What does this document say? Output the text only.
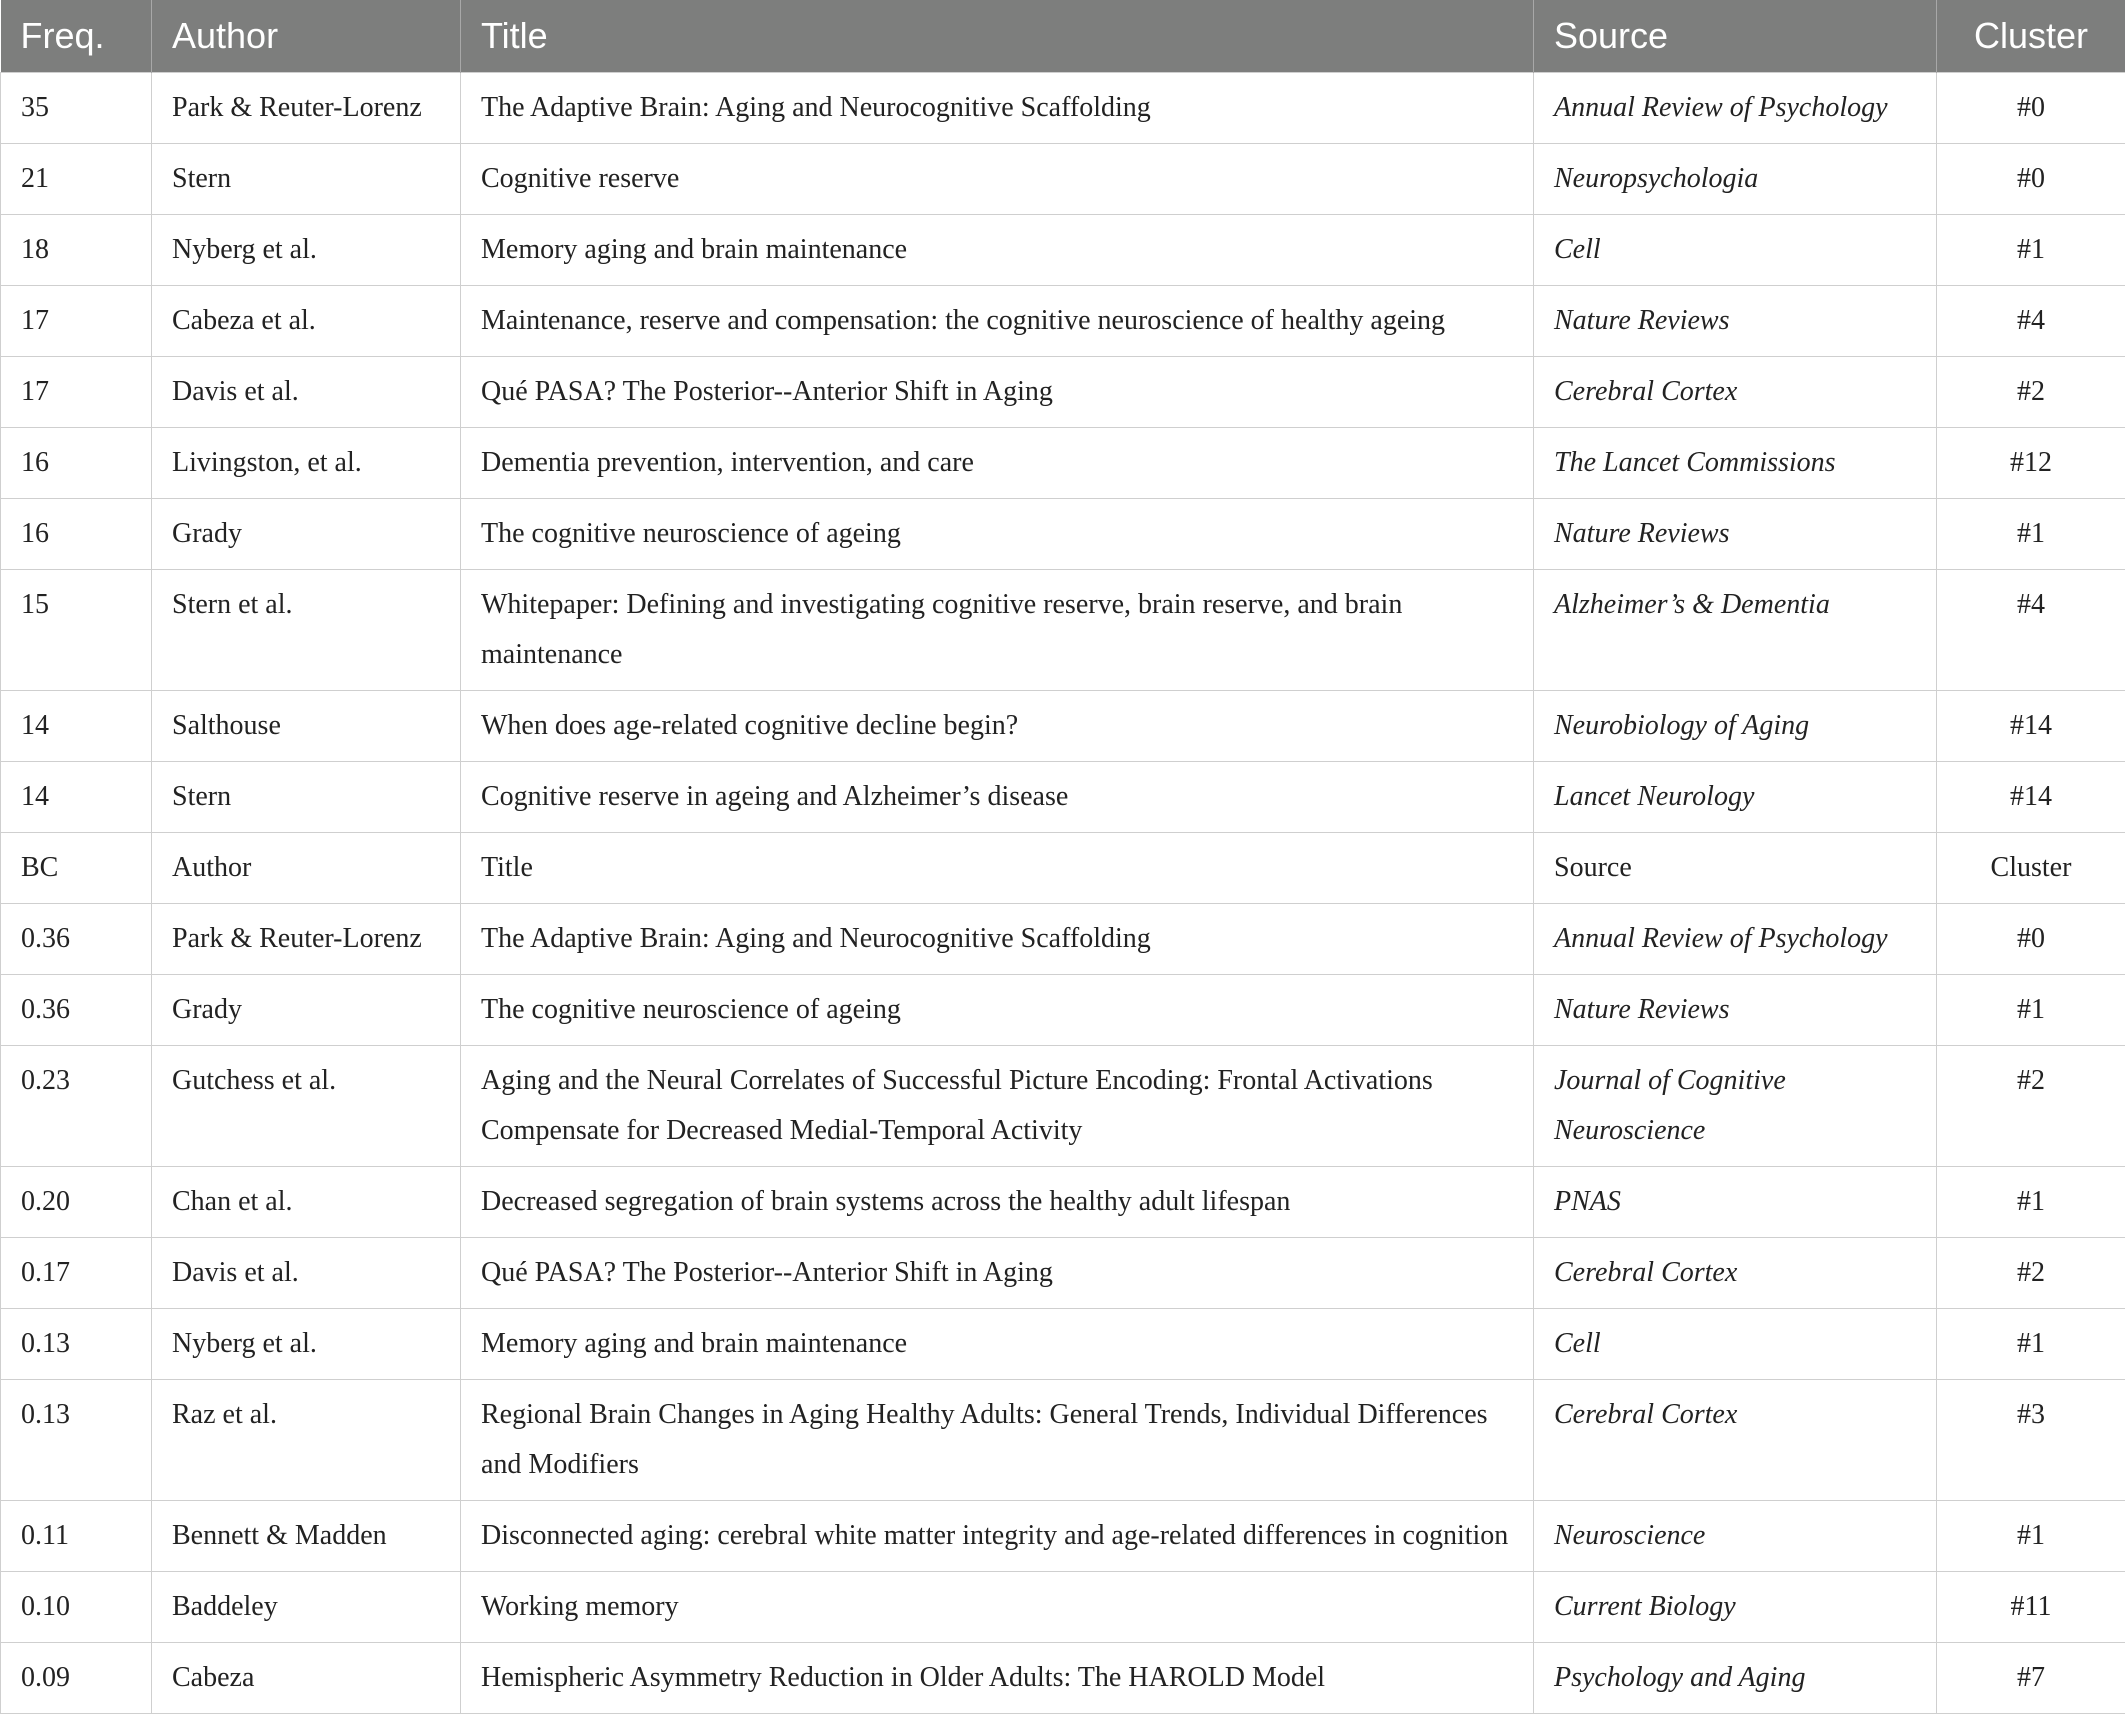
Freq.	Author	Title	Source	Cluster
35	Park & Reuter-Lorenz	The Adaptive Brain: Aging and Neurocognitive Scaffolding	Annual Review of Psychology	#0
21	Stern	Cognitive reserve	Neuropsychologia	#0
18	Nyberg et al.	Memory aging and brain maintenance	Cell	#1
17	Cabeza et al.	Maintenance, reserve and compensation: the cognitive neuroscience of healthy ageing	Nature Reviews	#4
17	Davis et al.	Qué PASA? The Posterior--Anterior Shift in Aging	Cerebral Cortex	#2
16	Livingston, et al.	Dementia prevention, intervention, and care	The Lancet Commissions	#12
16	Grady	The cognitive neuroscience of ageing	Nature Reviews	#1
15	Stern et al.	Whitepaper: Defining and investigating cognitive reserve, brain reserve, and brain maintenance	Alzheimer’s & Dementia	#4
14	Salthouse	When does age-related cognitive decline begin?	Neurobiology of Aging	#14
14	Stern	Cognitive reserve in ageing and Alzheimer’s disease	Lancet Neurology	#14
BC	Author	Title	Source	Cluster
0.36	Park & Reuter-Lorenz	The Adaptive Brain: Aging and Neurocognitive Scaffolding	Annual Review of Psychology	#0
0.36	Grady	The cognitive neuroscience of ageing	Nature Reviews	#1
0.23	Gutchess et al.	Aging and the Neural Correlates of Successful Picture Encoding: Frontal Activations Compensate for Decreased Medial-Temporal Activity	Journal of Cognitive Neuroscience	#2
0.20	Chan et al.	Decreased segregation of brain systems across the healthy adult lifespan	PNAS	#1
0.17	Davis et al.	Qué PASA? The Posterior--Anterior Shift in Aging	Cerebral Cortex	#2
0.13	Nyberg et al.	Memory aging and brain maintenance	Cell	#1
0.13	Raz et al.	Regional Brain Changes in Aging Healthy Adults: General Trends, Individual Differences and Modifiers	Cerebral Cortex	#3
0.11	Bennett & Madden	Disconnected aging: cerebral white matter integrity and age-related differences in cognition	Neuroscience	#1
0.10	Baddeley	Working memory	Current Biology	#11
0.09	Cabeza	Hemispheric Asymmetry Reduction in Older Adults: The HAROLD Model	Psychology and Aging	#7
